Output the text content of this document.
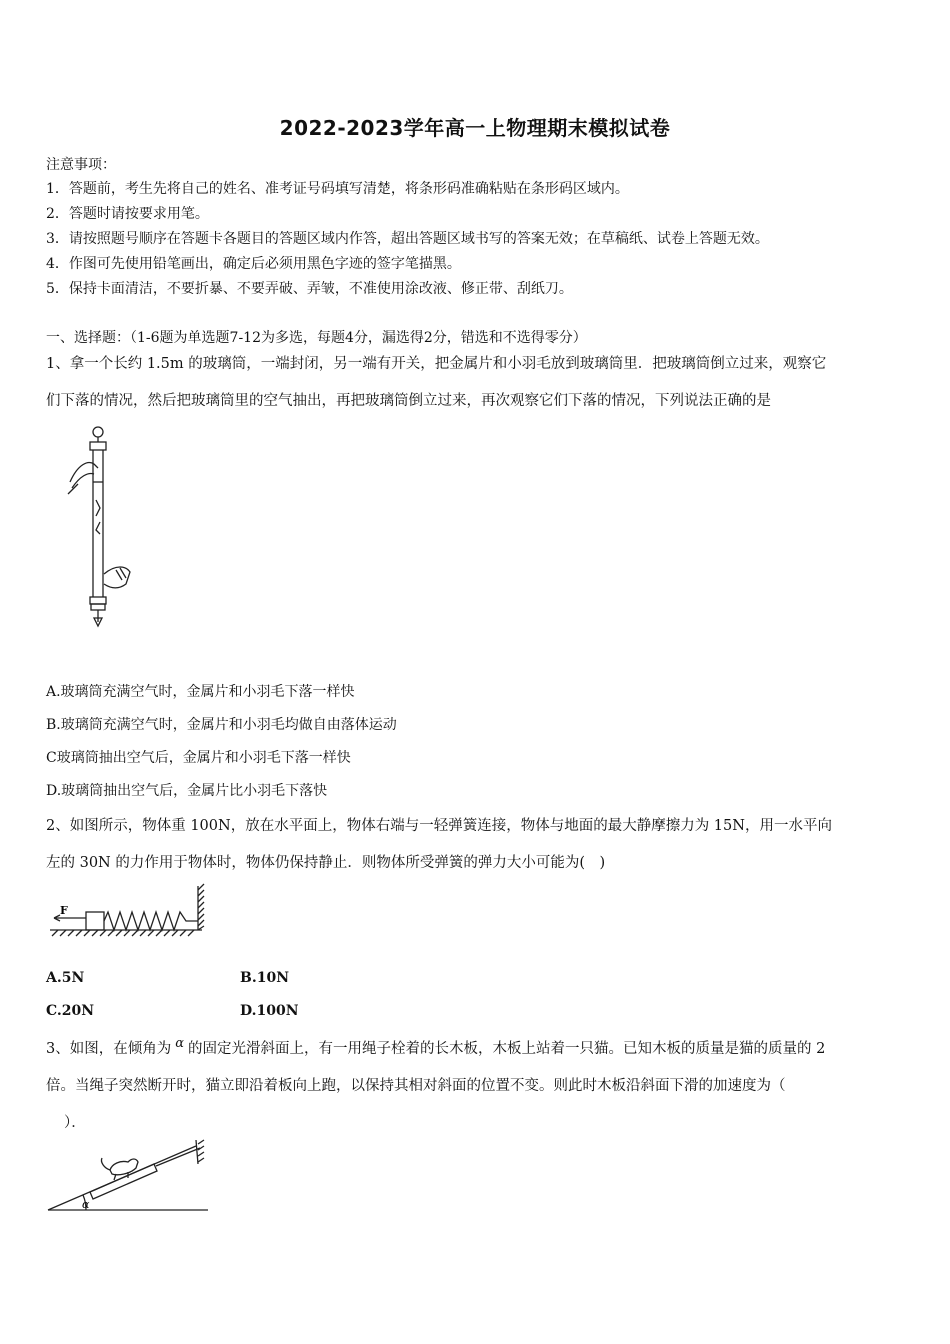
2022-2023学年高一上物理期末模拟试卷
注意事项：
1．答题前，考生先将自己的姓名、准考证号码填写清楚，将条形码准确粘贴在条形码区域内。
2．答题时请按要求用笔。
3．请按照题号顺序在答题卡各题目的答题区域内作答，超出答题区域书写的答案无效；在草稿纸、试卷上答题无效。
4．作图可先使用铅笔画出，确定后必须用黑色字迹的签字笔描黑。
5．保持卡面清洁，不要折暴、不要弄破、弄皱，不准使用涂改液、修正带、刮纸刀。
一、选择题：（1-6题为单选题7-12为多选，每题4分，漏选得2分，错选和不选得零分）
1、拿一个长约 1.5m 的玻璃筒，一端封闭，另一端有开关，把金属片和小羽毛放到玻璃筒里．把玻璃筒倒立过来，观察它
们下落的情况，然后把玻璃筒里的空气抽出，再把玻璃筒倒立过来，再次观察它们下落的情况，下列说法正确的是
A.玻璃筒充满空气时，金属片和小羽毛下落一样快
B.玻璃筒充满空气时，金属片和小羽毛均做自由落体运动
C玻璃筒抽出空气后，金属片和小羽毛下落一样快
D.玻璃筒抽出空气后，金属片比小羽毛下落快
2、如图所示，物体重 100N，放在水平面上，物体右端与一轻弹簧连接，物体与地面的最大静摩擦力为 15N，用一水平向
左的 30N 的力作用于物体时，物体仍保持静止．则物体所受弹簧的弹力大小可能为(　)
F
A.5N	B.10N
C.20N	D.100N
3、如图，在倾角为 α 的固定光滑斜面上，有一用绳子栓着的长木板，木板上站着一只猫。已知木板的质量是猫的质量的 2
倍。当绳子突然断开时，猫立即沿着板向上跑，以保持其相对斜面的位置不变。则此时木板沿斜面下滑的加速度为（
）．
α
